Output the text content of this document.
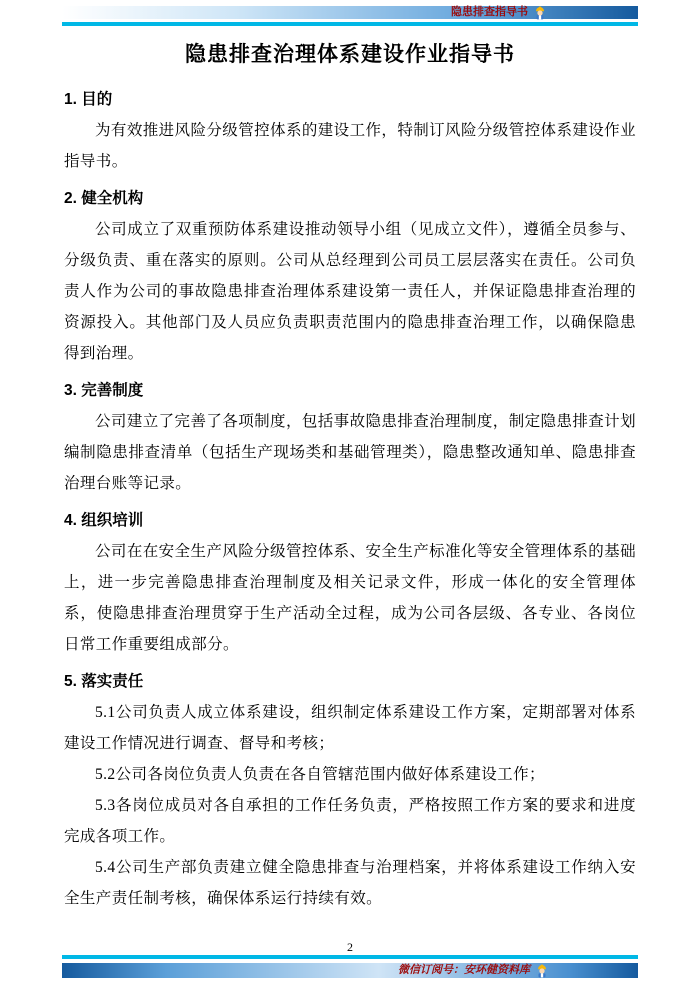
隐患排查指导书
隐患排查治理体系建设作业指导书
1. 目的

为有效推进风险分级管控体系的建设工作，特制订风险分级管控体系建设作业指导书。

2. 健全机构

公司成立了双重预防体系建设推动领导小组（见成立文件），遵循全员参与、分级负责、重在落实的原则。公司从总经理到公司员工层层落实在责任。公司负责人作为公司的事故隐患排查治理体系建设第一责任人，并保证隐患排查治理的资源投入。其他部门及人员应负责职责范围内的隐患排查治理工作，以确保隐患得到治理。

3. 完善制度

公司建立了完善了各项制度，包括事故隐患排查治理制度，制定隐患排查计划编制隐患排查清单（包括生产现场类和基础管理类），隐患整改通知单、隐患排查治理台账等记录。

4. 组织培训

公司在在安全生产风险分级管控体系、安全生产标准化等安全管理体系的基础上，进一步完善隐患排查治理制度及相关记录文件，形成一体化的安全管理体系，使隐患排查治理贯穿于生产活动全过程，成为公司各层级、各专业、各岗位日常工作重要组成部分。

5. 落实责任

5.1公司负责人成立体系建设，组织制定体系建设工作方案，定期部署对体系建设工作情况进行调查、督导和考核；

5.2公司各岗位负责人负责在各自管辖范围内做好体系建设工作；

5.3各岗位成员对各自承担的工作任务负责，严格按照工作方案的要求和进度完成各项工作。

5.4公司生产部负责建立健全隐患排查与治理档案，并将体系建设工作纳入安全生产责任制考核，确保体系运行持续有效。

2
微信订阅号：安环健资料库
